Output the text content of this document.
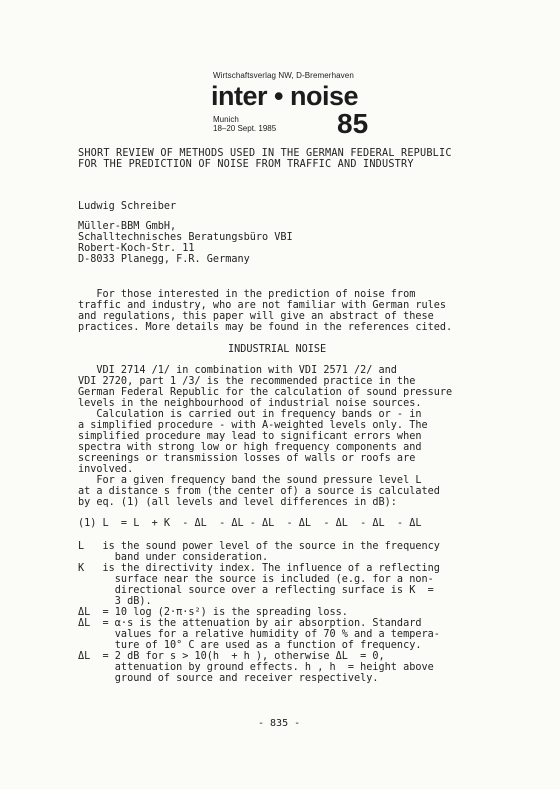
Wirtschaftsverlag NW, D-Bremerhaven
inter • noise
Munich
18–20 Sept. 1985 85
SHORT REVIEW OF METHODS USED IN THE GERMAN FEDERAL REPUBLIC
FOR THE PREDICTION OF NOISE FROM TRAFFIC AND INDUSTRY
Ludwig Schreiber
Müller-BBM GmbH,
Schalltechnisches Beratungsbüro VBI
Robert-Koch-Str. 11
D-8033 Planegg, F.R. Germany
For those interested in the prediction of noise from
traffic and industry, who are not familiar with German rules
and regulations, this paper will give an abstract of these
practices. More details may be found in the references cited.
INDUSTRIAL NOISE
VDI 2714 /1/ in combination with VDI 2571 /2/ and
VDI 2720, part 1 /3/ is the recommended practice in the
German Federal Republic for the calculation of sound pressure
levels in the neighbourhood of industrial noise sources.
Calculation is carried out in frequency bands or - in
a simplified procedure - with A-weighted levels only. The
simplified procedure may lead to significant errors when
spectra with strong low or high frequency components and
screenings or transmission losses of walls or roofs are
involved.
For a given frequency band the sound pressure level L
at a distance s from (the center of) a source is calculated
by eq. (1) (all levels and level differences in dB):
(1) L  = L  + K  - ΔL  - ΔL - ΔL  - ΔL  - ΔL  - ΔL  - ΔL
L   is the sound power level of the source in the frequency
band under consideration.
K   is the directivity index. The influence of a reflecting
surface near the source is included (e.g. for a non-
directional source over a reflecting surface is K  =
3 dB).
ΔL  = 10 log (2·π·s²) is the spreading loss.
ΔL  = α·s is the attenuation by air absorption. Standard
values for a relative humidity of 70 % and a tempera-
ture of 10° C are used as a function of frequency.
ΔL  = 2 dB for s > 10(h  + h ), otherwise ΔL  = 0,
attenuation by ground effects. h , h  = height above
ground of source and receiver respectively.
- 835 -
